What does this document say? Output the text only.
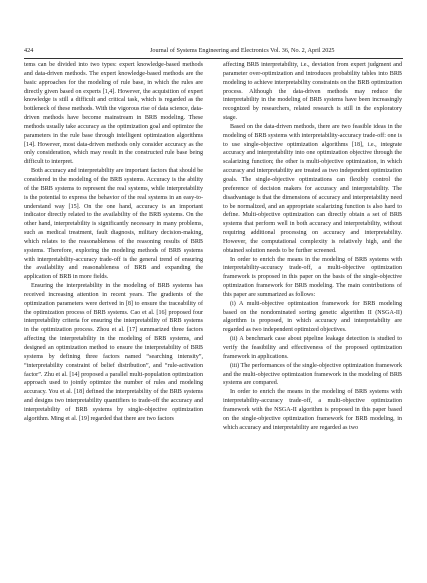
424	Journal of Systems Engineering and Electronics Vol. 36, No. 2, April 2025

tems can be divided into two types: expert knowledge-based methods and data-driven methods. The expert knowledge-based methods are the basic approaches for the modeling of rule base, in which the rules are directly given based on experts [1,4]. However, the acquisition of expert knowledge is still a difficult and critical task, which is regarded as the bottleneck of these methods. With the vigorous rise of data science, data-driven methods have become mainstream in BRB modeling. These methods usually take accuracy as the optimization goal and optimize the parameters in the rule base through intelligent optimization algorithms [14]. However, most data-driven methods only consider accuracy as the only consideration, which may result in the constructed rule base being difficult to interpret.

Both accuracy and interpretability are important factors that should be considered in the modeling of the BRB systems. Accuracy is the ability of the BRB systems to represent the real systems, while interpretability is the potential to express the behavior of the real systems in an easy-to-understand way [15]. On the one hand, accuracy is an important indicator directly related to the availability of the BRB systems. On the other hand, interpretability is significantly necessary in many problems, such as medical treatment, fault diagnosis, military decision-making, which relates to the reasonableness of the reasoning results of BRB systems. Therefore, exploring the modeling methods of BRB systems with interpretability-accuracy trade-off is the general trend of ensuring the availability and reasonableness of BRB and expanding the application of BRB in more fields.

Ensuring the interpretability in the modeling of BRB systems has received increasing attention in recent years. The gradients of the optimization parameters were derived in [8] to ensure the traceability of the optimization process of BRB systems. Cao et al. [16] proposed four interpretability criteria for ensuring the interpretability of BRB systems in the optimization process. Zhou et al. [17] summarized three factors affecting the interpretability in the modeling of BRB systems, and designed an optimization method to ensure the interpretability of BRB systems by defining three factors named “searching intensity”, “interpretability constraint of belief distribution”, and “rule-activation factor”. Zhu et al. [14] proposed a parallel multi-population optimization approach used to jointly optimize the number of rules and modeling accuracy. You et al. [18] defined the interpretability of the BRB systems and designs two interpretability quantifiers to trade-off the accuracy and interpretability of BRB systems by single-objective optimization algorithm. Ming et al. [19] regarded that there are two factors

affecting BRB interpretability, i.e., deviation from expert judgment and parameter over-optimization and introduces probability tables into BRB modeling to achieve interpretability constraints on the BRB optimization process. Although the data-driven methods may reduce the interpretability in the modeling of BRB systems have been increasingly recognized by researchers, related research is still in the exploratory stage.

Based on the data-driven methods, there are two feasible ideas in the modeling of BRB systems with interpretability-accuracy trade-off: one is to use single-objective optimization algorithms [18], i.e., integrate accuracy and interpretability into one optimization objective through the scalarizing function; the other is multi-objective optimization, in which accuracy and interpretability are treated as two independent optimization goals. The single-objective optimizations can flexibly control the preference of decision makers for accuracy and interpretability. The disadvantage is that the dimensions of accuracy and interpretability need to be normalized, and an appropriate scalarizing function is also hard to define. Multi-objective optimization can directly obtain a set of BRB systems that perform well in both accuracy and interpretability, without requiring additional processing on accuracy and interpretability. However, the computational complexity is relatively high, and the obtained solution needs to be further screened.

In order to enrich the means in the modeling of BRB systems with interpretability-accuracy trade-off, a multi-objective optimization framework is proposed in this paper on the basis of the single-objective optimization framework for BRB modeling. The main contributions of this paper are summarized as follows:

(i) A multi-objective optimization framework for BRB modeling based on the nondominated sorting genetic algorithm II (NSGA-II) algorithm is proposed, in which accuracy and interpretability are regarded as two independent optimized objectives.

(ii) A benchmark case about pipeline leakage detection is studied to verify the feasibility and effectiveness of the proposed optimization framework in applications.

(iii) The performances of the single-objective optimization framework and the multi-objective optimization framework in the modeling of BRB systems are compared.

In order to enrich the means in the modeling of BRB systems with interpretability-accuracy trade-off, a multi-objective optimization framework with the NSGA-II algorithm is proposed in this paper based on the single-objective optimization framework for BRB modeling, in which accuracy and interpretability are regarded as two
